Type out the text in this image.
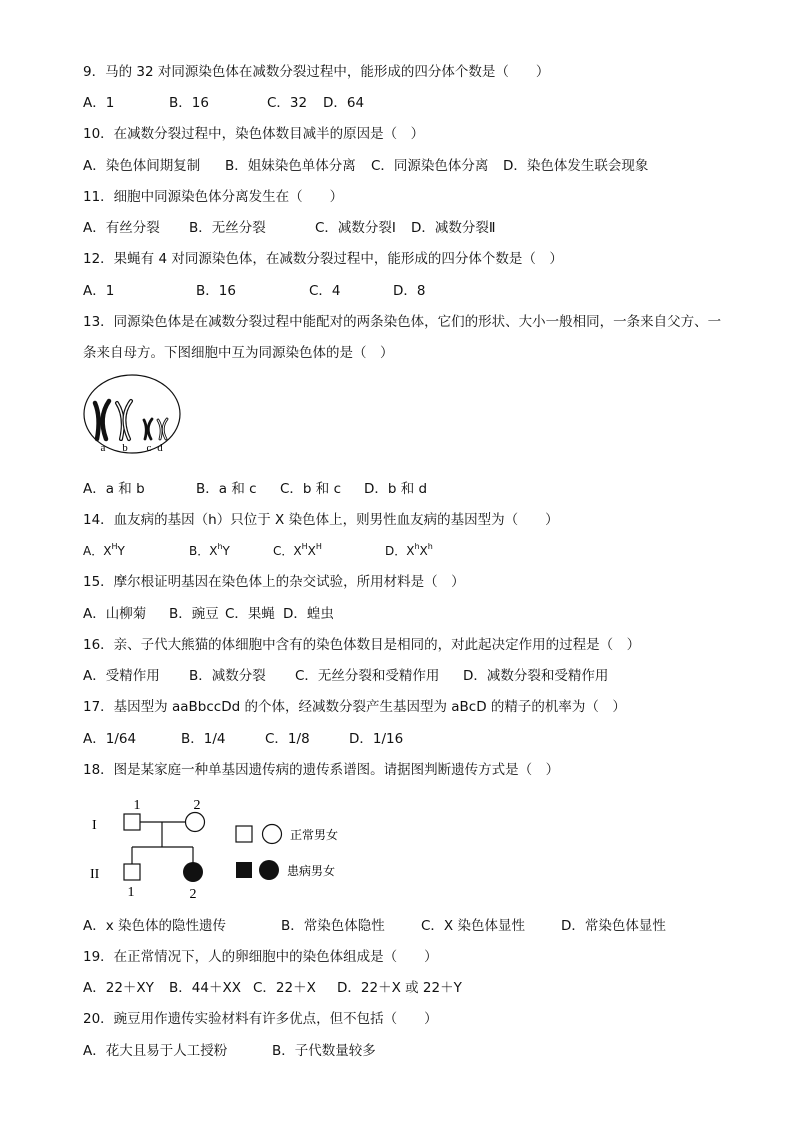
9．马的 32 对同源染色体在减数分裂过程中，能形成的四分体个数是（　　）
A．1	B．16	C．32 D．64
10．在减数分裂过程中，染色体数目减半的原因是（　）
A．染色体间期复制 B．姐妹染色单体分离 C．同源染色体分离 D．染色体发生联会现象
11．细胞中同源染色体分离发生在（　　）
A．有丝分裂 B．无丝分裂	C．减数分裂Ⅰ D．减数分裂Ⅱ
12．果蝇有 4 对同源染色体，在减数分裂过程中，能形成的四分体个数是（　）
A．1	B．16	C．4	D．8
13．同源染色体是在减数分裂过程中能配对的两条染色体，它们的形状、大小一般相同，一条来自父方、一
条来自母方。下图细胞中互为同源染色体的是（　）
a b c d
A．a 和 b	B．a 和 c C．b 和 c D．b 和 d
14．血友病的基因（h）只位于 X 染色体上，则男性血友病的基因型为（　　）
A．$X^HY$	B．$X^hY$	C．$X^HX^H$	D．$X^hX^h$
15．摩尔根证明基因在染色体上的杂交试验，所用材料是（　）
A．山柳菊 B．豌豆 C．果蝇 D．蝗虫
16．亲、子代大熊猫的体细胞中含有的染色体数目是相同的，对此起决定作用的过程是（　）
A．受精作用 B．减数分裂 C．无丝分裂和受精作用 D．减数分裂和受精作用
17．基因型为 aaBbccDd 的个体，经减数分裂产生基因型为 aBcD 的精子的机率为（　）
A．1/64	B．1/4	C．1/8	D．1/16
18．图是某家庭一种单基因遗传病的遗传系谱图。请据图判断遗传方式是（　）
I
II
1	2
1	2
正常男女
患病男女
A．x 染色体的隐性遗传	B．常染色体隐性	C．X 染色体显性	D．常染色体显性
19．在正常情况下，人的卵细胞中的染色体组成是（　　）
A．22＋XY B．44＋XX C．22＋X D．22＋X 或 22＋Y
20．豌豆用作遗传实验材料有许多优点，但不包括（　　）
A．花大且易于人工授粉	B．子代数量较多
